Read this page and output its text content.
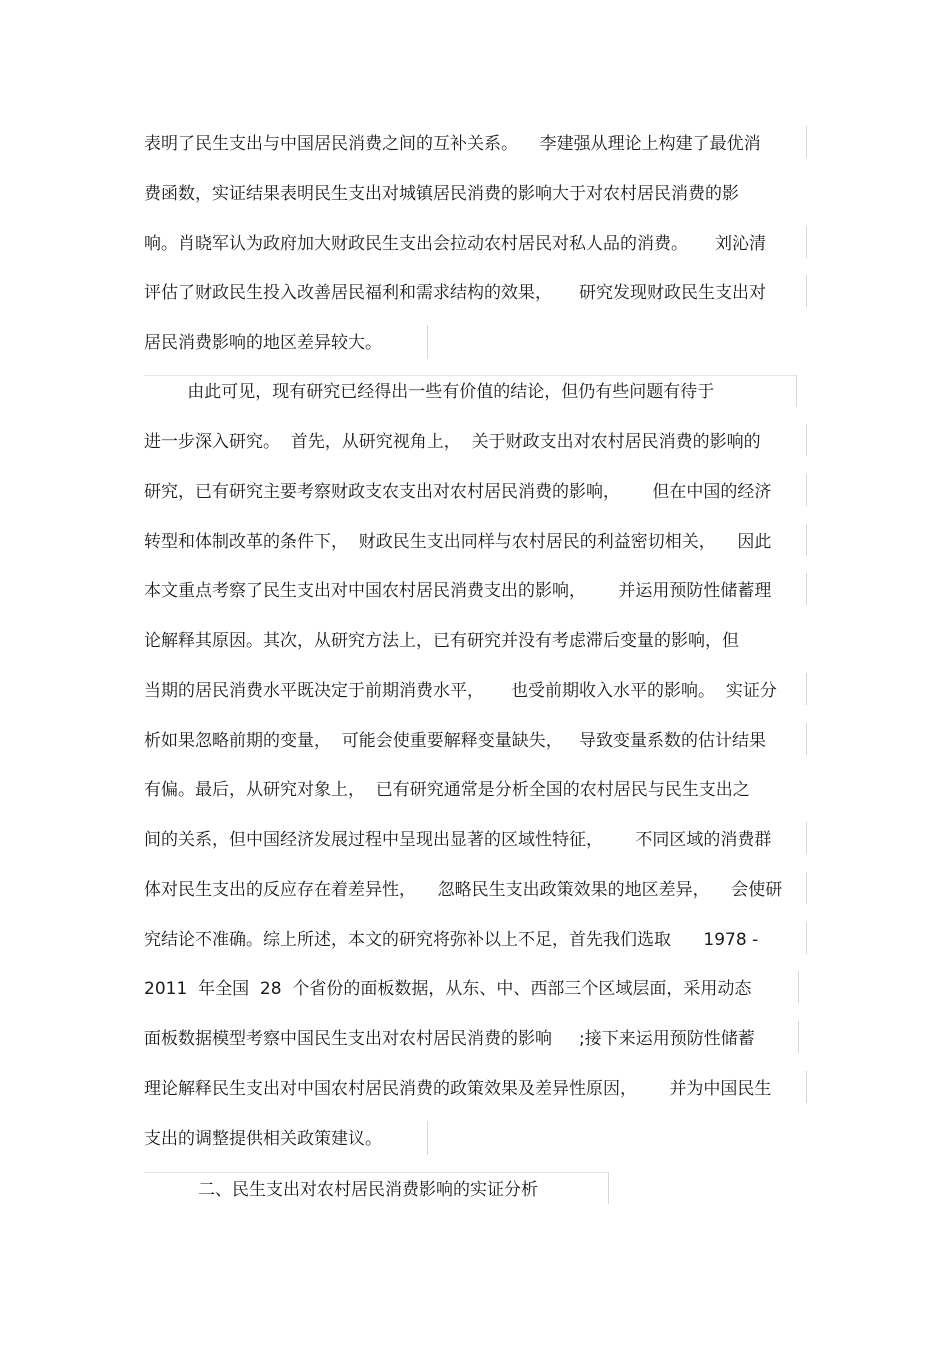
表明了民生支出与中国居民消费之间的互补关系。    李建强从理论上构建了最优消
费函数，实证结果表明民生支出对城镇居民消费的影响大于对农村居民消费的影
响。肖晓军认为政府加大财政民生支出会拉动农村居民对私人品的消费。     刘沁清
评估了财政民生投入改善居民福利和需求结构的效果，     研究发现财政民生支出对
居民消费影响的地区差异较大。
由此可见，现有研究已经得出一些有价值的结论，但仍有些问题有待于
进一步深入研究。  首先，从研究视角上，  关于财政支出对农村居民消费的影响的
研究，已有研究主要考察财政支农支出对农村居民消费的影响，      但在中国的经济
转型和体制改革的条件下，  财政民生支出同样与农村居民的利益密切相关，    因此
本文重点考察了民生支出对中国农村居民消费支出的影响，      并运用预防性储蓄理
论解释其原因。其次，从研究方法上，已有研究并没有考虑滞后变量的影响，但
当期的居民消费水平既决定于前期消费水平，     也受前期收入水平的影响。  实证分
析如果忽略前期的变量，  可能会使重要解释变量缺失，   导致变量系数的估计结果
有偏。最后，从研究对象上，  已有研究通常是分析全国的农村居民与民生支出之
间的关系，但中国经济发展过程中呈现出显著的区域性特征，      不同区域的消费群
体对民生支出的反应存在着差异性，    忽略民生支出政策效果的地区差异，    会使研
究结论不准确。综上所述，本文的研究将弥补以上不足，首先我们选取      1978 -
2011  年全国  28  个省份的面板数据，从东、中、西部三个区域层面，采用动态
面板数据模型考察中国民生支出对农村居民消费的影响     ;接下来运用预防性储蓄
理论解释民生支出对中国农村居民消费的政策效果及差异性原因，      并为中国民生
支出的调整提供相关政策建议。
二、民生支出对农村居民消费影响的实证分析
